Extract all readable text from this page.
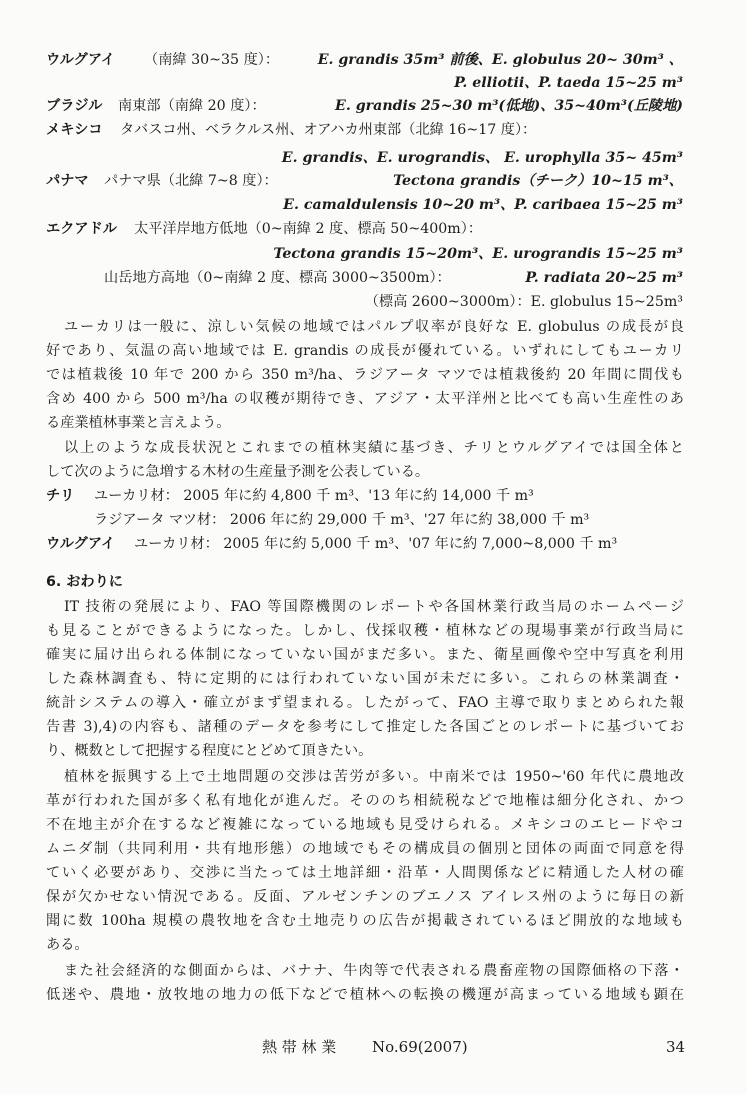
ウルグアイ （南緯 30~35 度）：	E. grandis 35m³ 前後、E. globulus 20~ 30m³ 、
P. elliotii、P. taeda 15~25 m³
ブラジル 南東部（南緯 20 度）：	E. grandis 25~30 m³(低地)、35~40m³(丘陵地)
メキシコ タバスコ州、ベラクルス州、オアハカ州東部（北緯 16~17 度）：
E. grandis、E. urograndis、 E. urophylla 35~ 45m³
パナマ パナマ県（北緯 7~8 度）：	Tectona grandis（チーク）10~15 m³、
E. camaldulensis 10~20 m³、P. caribaea 15~25 m³
エクアドル 太平洋岸地方低地（0~南緯 2 度、標高 50~400m）：
Tectona grandis 15~20m³、E. urograndis 15~25 m³
山岳地方高地（0~南緯 2 度、標高 3000~3500m）：	P. radiata 20~25 m³
（標高 2600~3000m）：E. globulus 15~25m³
ユーカリは一般に、涼しい気候の地域ではパルプ収率が良好な E. globulus の成長が良
好であり、気温の高い地域では E. grandis の成長が優れている。いずれにしてもユーカリ
では植栽後 10 年で 200 から 350 m³/ha、ラジアータ マツでは植栽後約 20 年間に間伐も
含め 400 から 500 m³/ha の収穫が期待でき、アジア・太平洋州と比べても高い生産性のあ
る産業植林事業と言えよう。
以上のような成長状況とこれまでの植林実績に基づき、チリとウルグアイでは国全体と
して次のように急増する木材の生産量予測を公表している。
チリ ユーカリ材： 2005 年に約 4,800 千 m³、'13 年に約 14,000 千 m³
ラジアータ マツ材： 2006 年に約 29,000 千 m³、'27 年に約 38,000 千 m³
ウルグアイ ユーカリ材： 2005 年に約 5,000 千 m³、'07 年に約 7,000~8,000 千 m³
6. おわりに
IT 技術の発展により、FAO 等国際機関のレポートや各国林業行政当局のホームページ
も見ることができるようになった。しかし、伐採収穫・植林などの現場事業が行政当局に
確実に届け出られる体制になっていない国がまだ多い。また、衛星画像や空中写真を利用
した森林調査も、特に定期的には行われていない国が未だに多い。これらの林業調査・
統計システムの導入・確立がまず望まれる。したがって、FAO 主導で取りまとめられた報
告書 3),4)の内容も、諸種のデータを参考にして推定した各国ごとのレポートに基づいてお
り、概数として把握する程度にとどめて頂きたい。
植林を振興する上で土地問題の交渉は苦労が多い。中南米では 1950~'60 年代に農地改
革が行われた国が多く私有地化が進んだ。そののち相続税などで地権は細分化され、かつ
不在地主が介在するなど複雑になっている地域も見受けられる。メキシコのエヒードやコ
ムニダ制（共同利用・共有地形態）の地域でもその構成員の個別と団体の両面で同意を得
ていく必要があり、交渉に当たっては土地詳細・沿革・人間関係などに精通した人材の確
保が欠かせない情況である。反面、アルゼンチンのブエノス アイレス州のように毎日の新
聞に数 100ha 規模の農牧地を含む土地売りの広告が掲載されているほど開放的な地域も
ある。
また社会経済的な側面からは、バナナ、牛肉等で代表される農畜産物の国際価格の下落・
低迷や、農地・放牧地の地力の低下などで植林への転換の機運が高まっている地域も顕在
熱 帯 林 業 No.69(2007)	34
